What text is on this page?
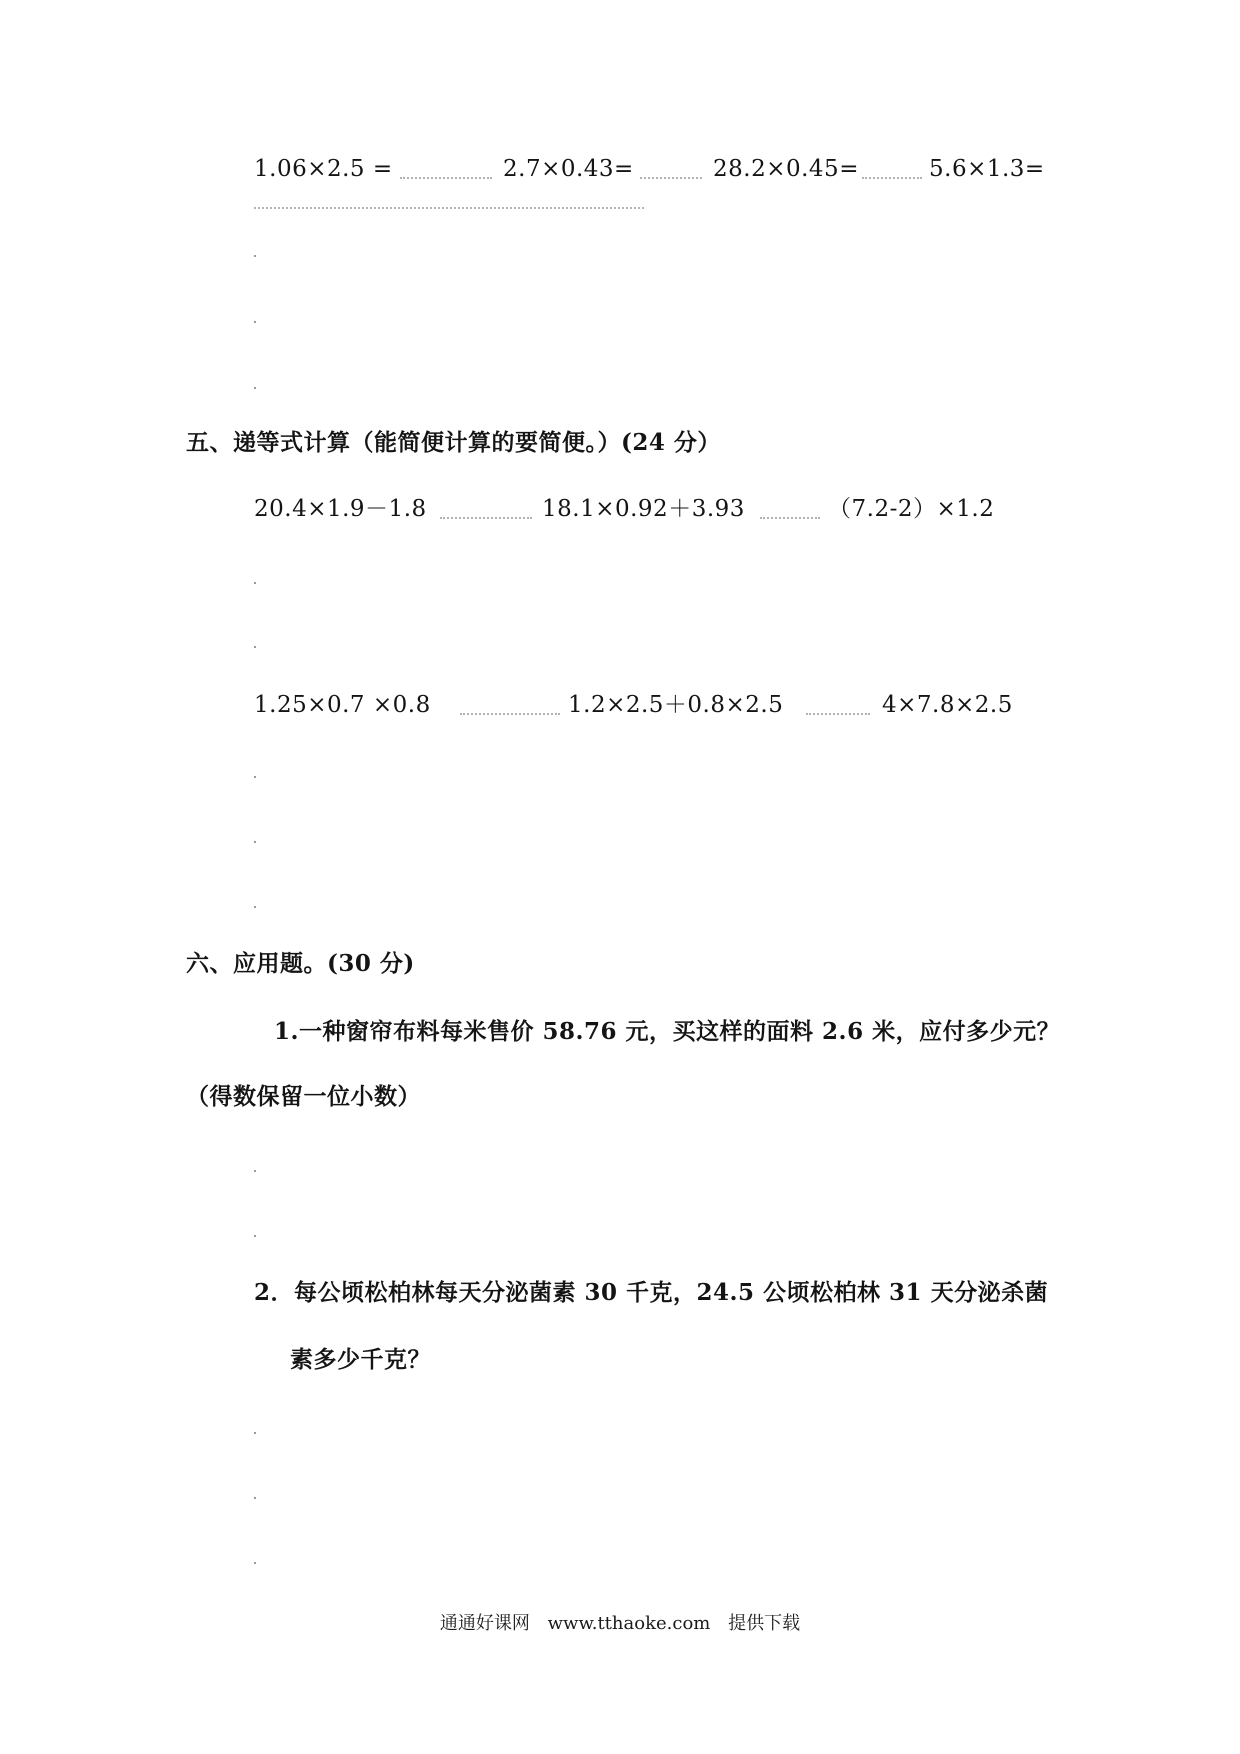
1.06×2.5 =	2.7×0.43=	28.2×0.45=	5.6×1.3=
五、递等式计算（能简便计算的要简便。）(24 分）
20.4×1.9－1.8	18.1×0.92＋3.93	（7.2-2）×1.2
1.25×0.7 ×0.8	1.2×2.5＋0.8×2.5	4×7.8×2.5
六、应用题。(30 分)
1.一种窗帘布料每米售价 58.76 元，买这样的面料 2.6 米，应付多少元？
（得数保留一位小数）
2．每公顷松柏林每天分泌菌素 30 千克，24.5 公顷松柏林 31 天分泌杀菌
素多少千克？
通通好课网 www.tthaoke.com 提供下载
